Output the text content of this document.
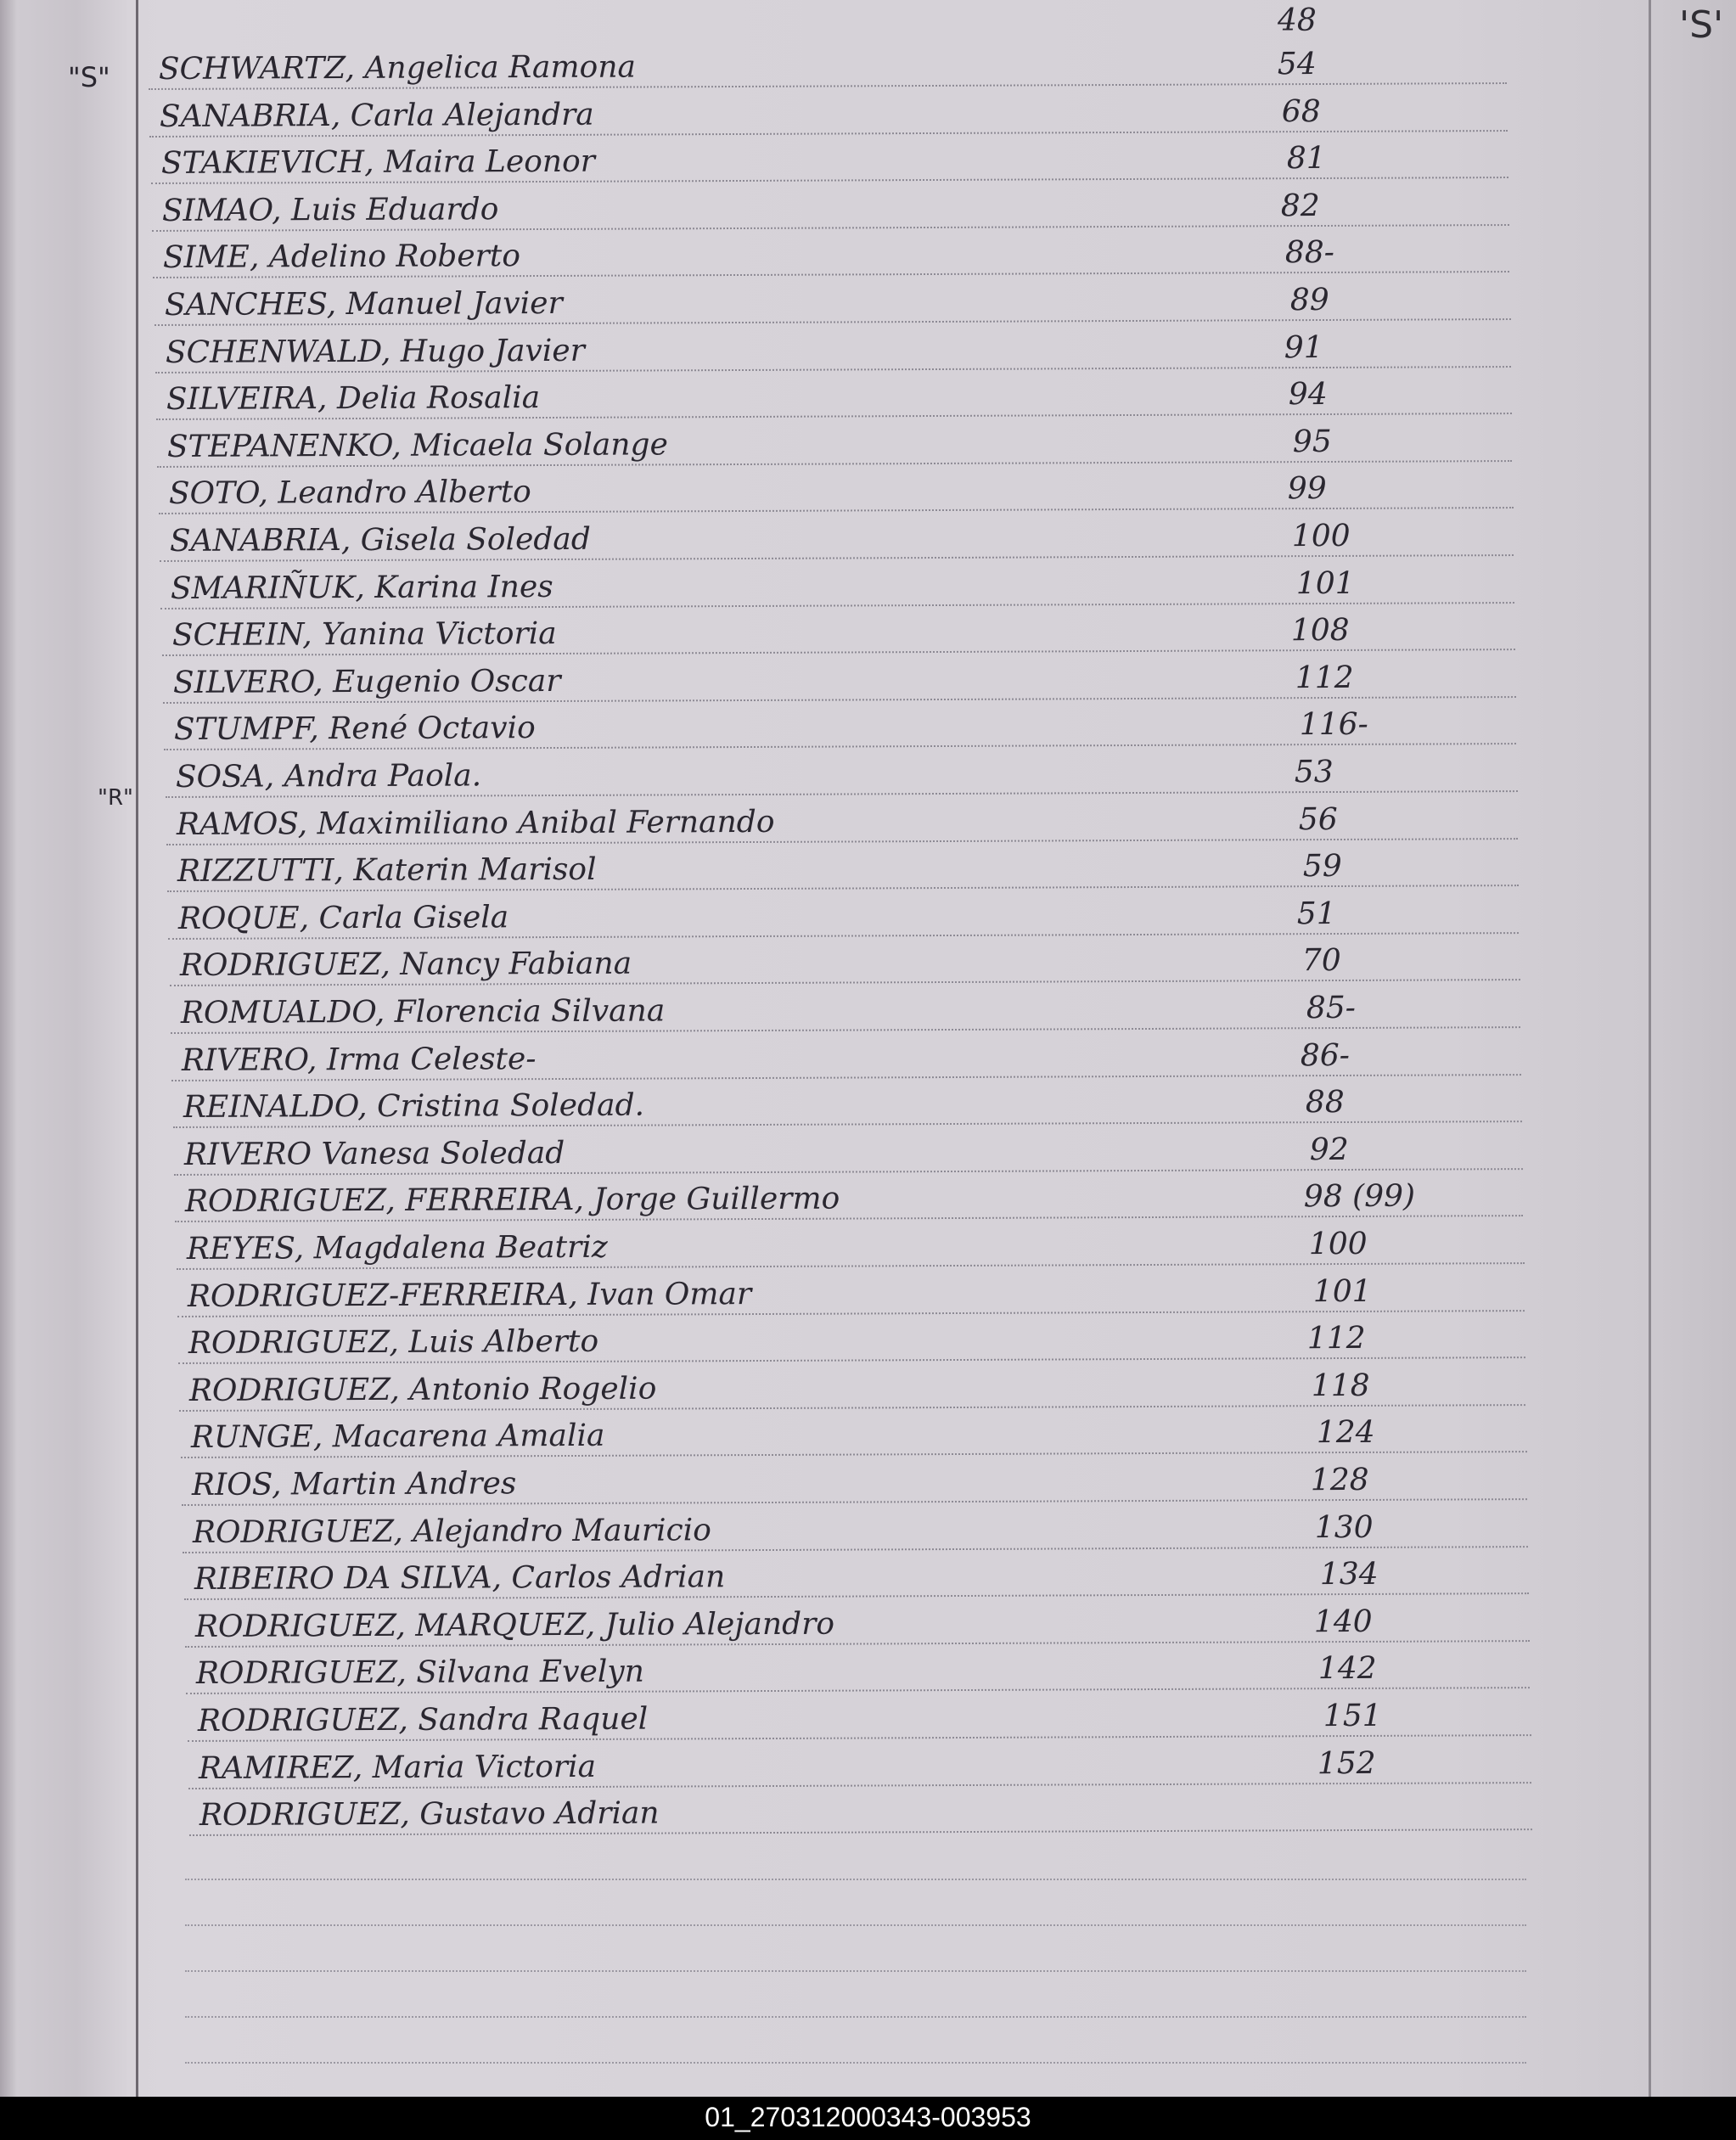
'S'
48
"S"
"R"
SCHWARTZ, Angelica Ramona	54
SANABRIA, Carla Alejandra	68
STAKIEVICH, Maira Leonor	81
SIMAO, Luis Eduardo	82
SIME, Adelino Roberto	88-
SANCHES, Manuel Javier	89
SCHENWALD, Hugo Javier	91
SILVEIRA, Delia Rosalia	94
STEPANENKO, Micaela Solange	95
SOTO, Leandro Alberto	99
SANABRIA, Gisela Soledad	100
SMARIÑUK, Karina Ines	101
SCHEIN, Yanina Victoria	108
SILVERO, Eugenio Oscar	112
STUMPF, René Octavio	116-
SOSA, Andra Paola.	53
RAMOS, Maximiliano Anibal Fernando	56
RIZZUTTI, Katerin Marisol	59
ROQUE, Carla Gisela	51
RODRIGUEZ, Nancy Fabiana	70
ROMUALDO, Florencia Silvana	85-
RIVERO, Irma Celeste-	86-
REINALDO, Cristina Soledad.	88
RIVERO Vanesa Soledad	92
RODRIGUEZ, FERREIRA, Jorge Guillermo	98 (99)
REYES, Magdalena Beatriz	100
RODRIGUEZ-FERREIRA, Ivan Omar	101
RODRIGUEZ, Luis Alberto	112
RODRIGUEZ, Antonio Rogelio	118
RUNGE, Macarena Amalia	124
RIOS, Martin Andres	128
RODRIGUEZ, Alejandro Mauricio	130
RIBEIRO DA SILVA, Carlos Adrian	134
RODRIGUEZ, MARQUEZ, Julio Alejandro	140
RODRIGUEZ, Silvana Evelyn	142
RODRIGUEZ, Sandra Raquel	151
RAMIREZ, Maria Victoria	152
RODRIGUEZ, Gustavo Adrian
01_270312000343-003953
